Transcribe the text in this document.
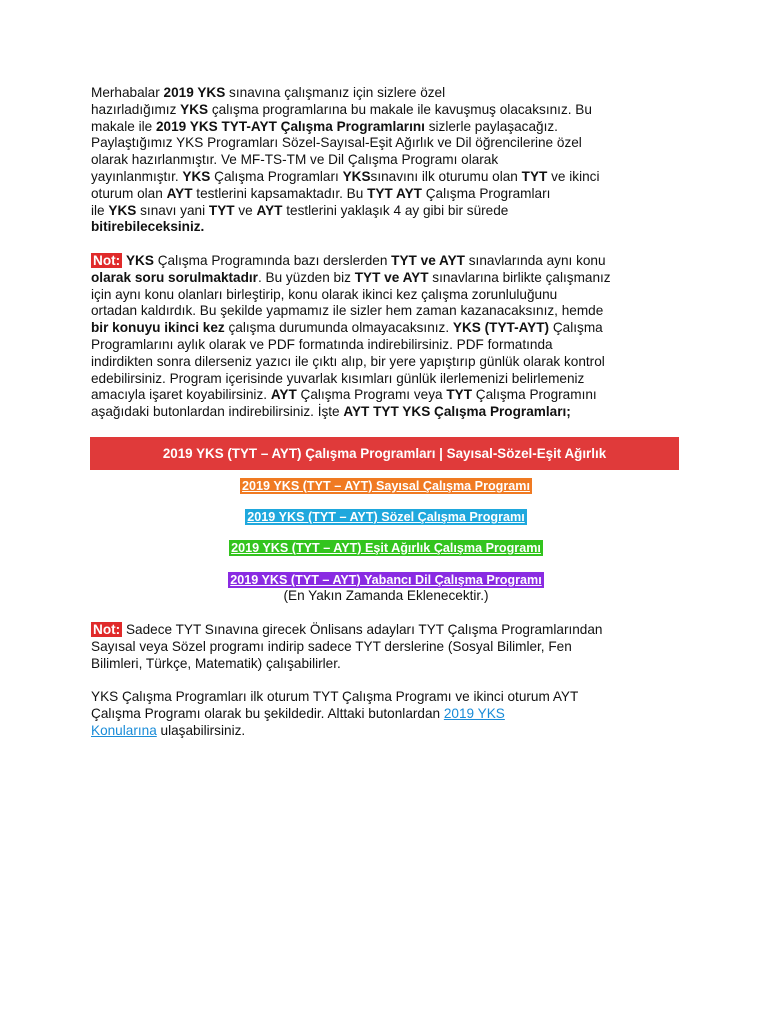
Merhabalar 2019 YKS sınavına çalışmanız için sizlere özel
hazırladığımız YKS çalışma programlarına bu makale ile kavuşmuş olacaksınız. Bu
makale ile 2019 YKS TYT-AYT Çalışma Programlarını sizlerle paylaşacağız.
Paylaştığımız YKS Programları Sözel-Sayısal-Eşit Ağırlık ve Dil öğrencilerine özel
olarak hazırlanmıştır. Ve MF-TS-TM ve Dil Çalışma Programı olarak
yayınlanmıştır. YKS Çalışma Programları YKSsınavını ilk oturumu olan TYT ve ikinci
oturum olan AYT testlerini kapsamaktadır. Bu TYT AYT Çalışma Programları
ile YKS sınavı yani TYT ve AYT testlerini yaklaşık 4 ay gibi bir sürede
bitirebileceksiniz.
Not: YKS Çalışma Programında bazı derslerden TYT ve AYT sınavlarında aynı konu
olarak soru sorulmaktadır. Bu yüzden biz TYT ve AYT sınavlarına birlikte çalışmanız
için aynı konu olanları birleştirip, konu olarak ikinci kez çalışma zorunluluğunu
ortadan kaldırdık. Bu şekilde yapmamız ile sizler hem zaman kazanacaksınız, hemde
bir konuyu ikinci kez çalışma durumunda olmayacaksınız. YKS (TYT-AYT) Çalışma
Programlarını aylık olarak ve PDF formatında indirebilirsiniz. PDF formatında
indirdikten sonra dilerseniz yazıcı ile çıktı alıp, bir yere yapıştırıp günlük olarak kontrol
edebilirsiniz. Program içerisinde yuvarlak kısımları günlük ilerlemenizi belirlemeniz
amacıyla işaret koyabilirsiniz. AYT Çalışma Programı veya TYT Çalışma Programını
aşağıdaki butonlardan indirebilirsiniz. İşte AYT TYT YKS Çalışma Programları;
2019 YKS (TYT – AYT) Çalışma Programları | Sayısal-Sözel-Eşit Ağırlık
2019 YKS (TYT – AYT) Sayısal Çalışma Programı
2019 YKS (TYT – AYT) Sözel Çalışma Programı
2019 YKS (TYT – AYT) Eşit Ağırlık Çalışma Programı
2019 YKS (TYT – AYT) Yabancı Dil Çalışma Programı
(En Yakın Zamanda Eklenecektir.)
Not: Sadece TYT Sınavına girecek Önlisans adayları TYT Çalışma Programlarından
Sayısal veya Sözel programı indirip sadece TYT derslerine (Sosyal Bilimler, Fen
Bilimleri, Türkçe, Matematik) çalışabilirler.
YKS Çalışma Programları ilk oturum TYT Çalışma Programı ve ikinci oturum AYT
Çalışma Programı olarak bu şekildedir. Alttaki butonlardan 2019 YKS
Konularına ulaşabilirsiniz.
